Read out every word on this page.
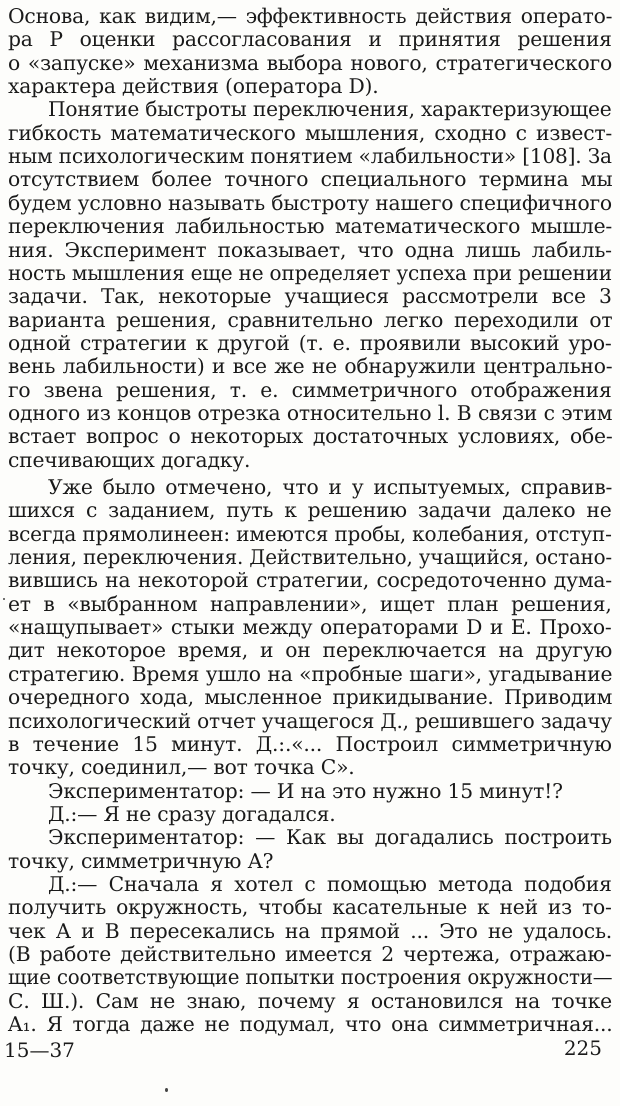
Основа, как видим,— эффективность действия операто-
ра Р оценки рассогласования и принятия решения
о «запуске» механизма выбора нового, стратегического
характера действия (оператора D).
Понятие быстроты переключения, характеризующее
гибкость математического мышления, сходно с извест-
ным психологическим понятием «лабильности» [108]. За
отсутствием более точного специального термина мы
будем условно называть быстроту нашего специфичного
переключения лабильностью математического мышле-
ния. Эксперимент показывает, что одна лишь лабиль-
ность мышления еще не определяет успеха при решении
задачи. Так, некоторые учащиеся рассмотрели все 3
варианта решения, сравнительно легко переходили от
одной стратегии к другой (т. е. проявили высокий уро-
вень лабильности) и все же не обнаружили центрально-
го звена решения, т. е. симметричного отображения
одного из концов отрезка относительно l. В связи с этим
встает вопрос о некоторых достаточных условиях, обе-
спечивающих догадку.
Уже было отмечено, что и у испытуемых, справив-
шихся с заданием, путь к решению задачи далеко не
всегда прямолинеен: имеются пробы, колебания, отступ-
ления, переключения. Действительно, учащийся, остано-
вившись на некоторой стратегии, сосредоточенно дума-
ет в «выбранном направлении», ищет план решения,
«нащупывает» стыки между операторами D и E. Прохо-
дит некоторое время, и он переключается на другую
стратегию. Время ушло на «пробные шаги», угадывание
очередного хода, мысленное прикидывание. Приводим
психологический отчет учащегося Д., решившего задачу
в течение 15 минут. Д.:.«... Построил симметричную
точку, соединил,— вот точка С».
Экспериментатор: — И на это нужно 15 минут!?
Д.:— Я не сразу догадался.
Экспериментатор: — Как вы догадались построить
точку, симметричную А?
Д.:— Сначала я хотел с помощью метода подобия
получить окружность, чтобы касательные к ней из то-
чек А и В пересекались на прямой ... Это не удалось.
(В работе действительно имеется 2 чертежа, отражаю-
щие соответствующие попытки построения окружности—
С. Ш.). Сам не знаю, почему я остановился на точке
A₁. Я тогда даже не подумал, что она симметричная...
15—37	225
